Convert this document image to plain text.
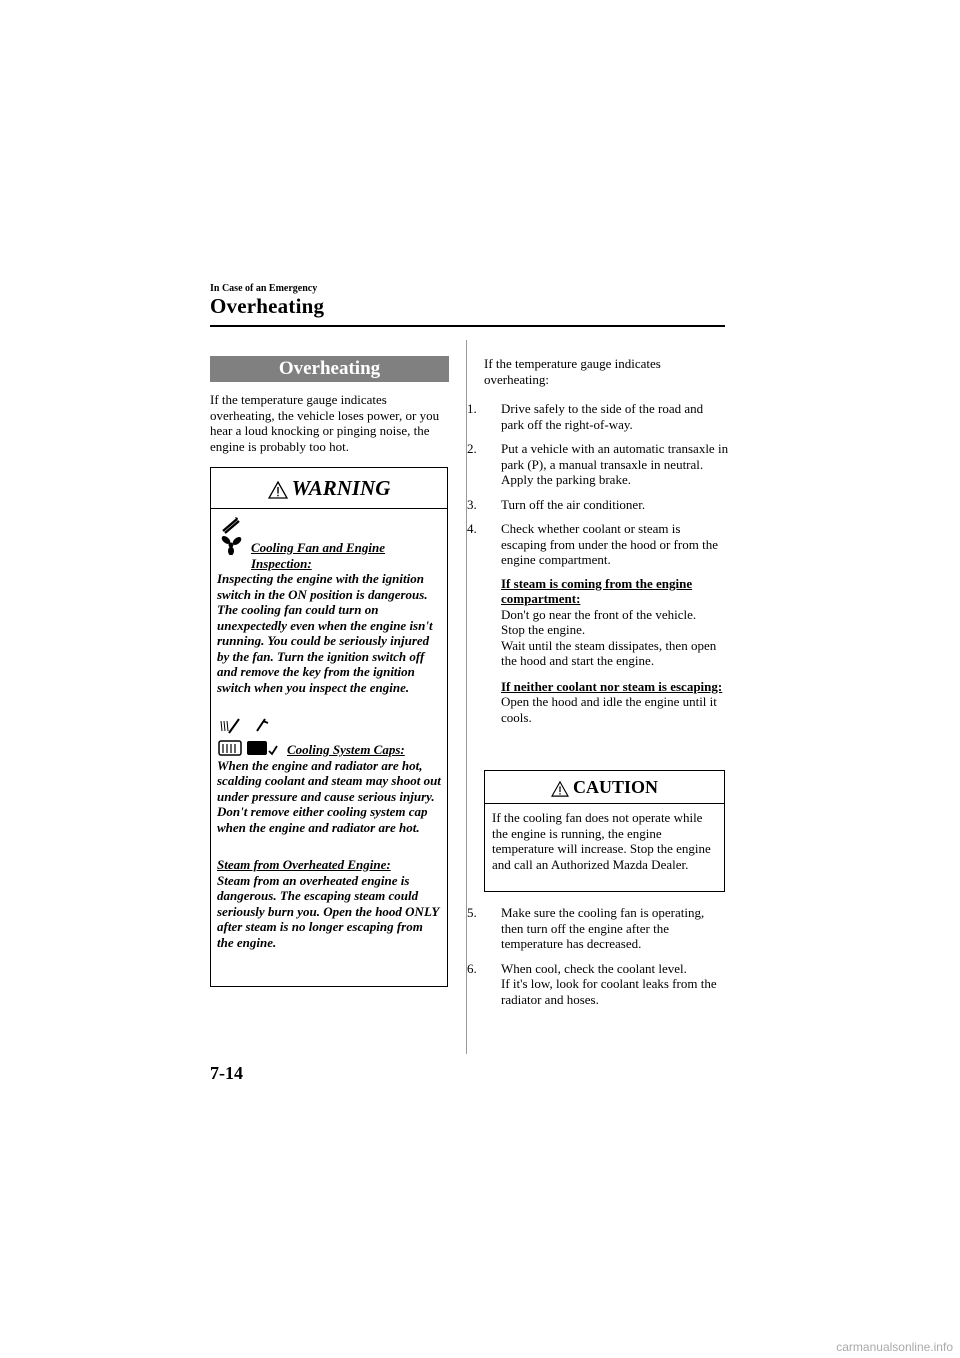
In Case of an Emergency
Overheating
Overheating
If the temperature gauge indicates overheating, the vehicle loses power, or you hear a loud knocking or pinging noise, the engine is probably too hot.
WARNING
Cooling Fan and Engine Inspection:
Inspecting the engine with the ignition switch in the ON position is dangerous. The cooling fan could turn on unexpectedly even when the engine isn't running. You could be seriously injured by the fan. Turn the ignition switch off and remove the key from the ignition switch when you inspect the engine.
Cooling System Caps:
When the engine and radiator are hot, scalding coolant and steam may shoot out under pressure and cause serious injury. Don't remove either cooling system cap when the engine and radiator are hot.
Steam from Overheated Engine:
Steam from an overheated engine is dangerous. The escaping steam could seriously burn you. Open the hood ONLY after steam is no longer escaping from the engine.
If the temperature gauge indicates overheating:
1. Drive safely to the side of the road and park off the right-of-way.
2. Put a vehicle with an automatic transaxle in park (P), a manual transaxle in neutral.
Apply the parking brake.
3. Turn off the air conditioner.
4. Check whether coolant or steam is escaping from under the hood or from the engine compartment.
If steam is coming from the engine compartment:
Don't go near the front of the vehicle.
Stop the engine.
Wait until the steam dissipates, then open the hood and start the engine.
If neither coolant nor steam is escaping:
Open the hood and idle the engine until it cools.
CAUTION
If the cooling fan does not operate while the engine is running, the engine temperature will increase. Stop the engine and call an Authorized Mazda Dealer.
5. Make sure the cooling fan is operating, then turn off the engine after the temperature has decreased.
6. When cool, check the coolant level.
If it's low, look for coolant leaks from the radiator and hoses.
7-14
carmanualsonline.info
